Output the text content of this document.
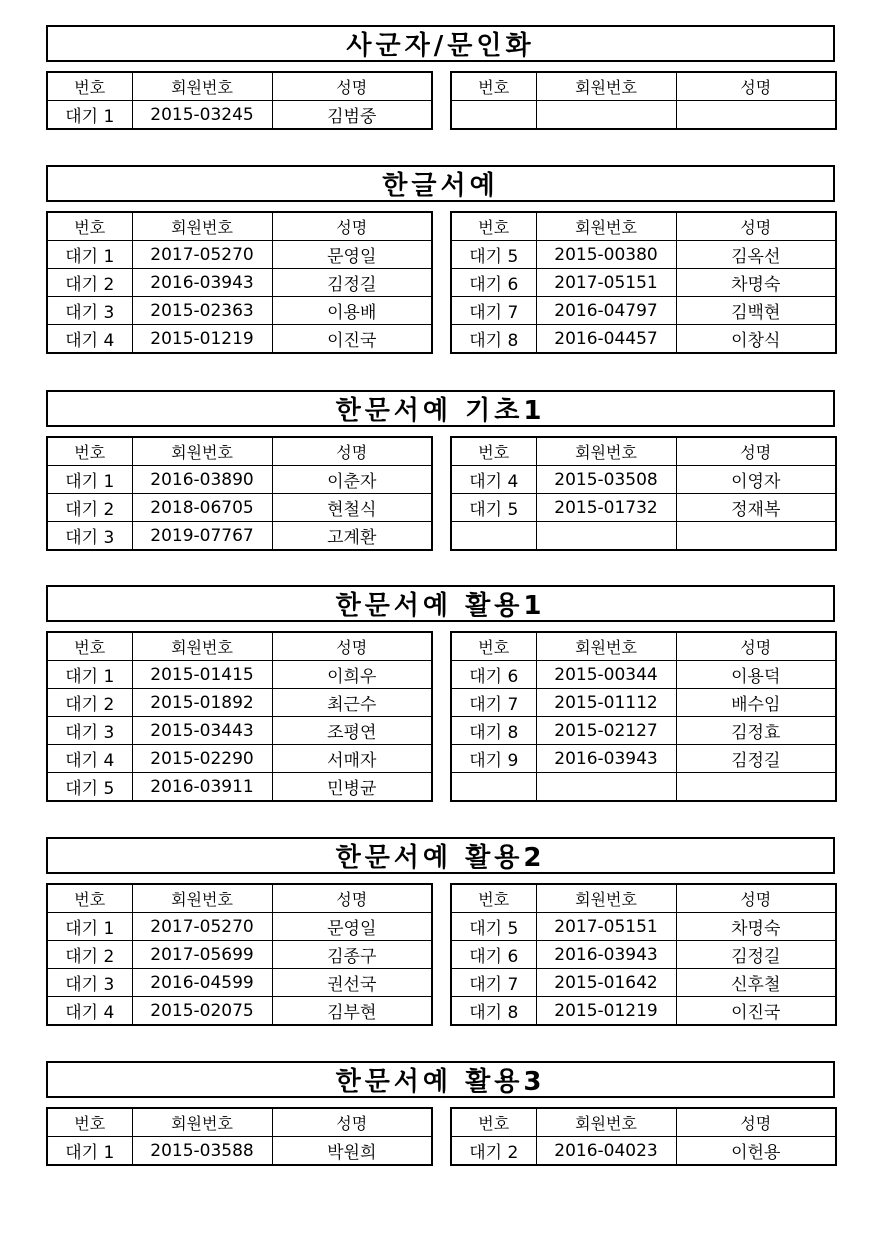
사군자/문인화
번호	회원번호	성명
대기 1	2015-03245	김범중
번호	회원번호	성명

한글서예
번호	회원번호	성명
대기 1	2017-05270	문영일
대기 2	2016-03943	김정길
대기 3	2015-02363	이용배
대기 4	2015-01219	이진국
번호	회원번호	성명
대기 5	2015-00380	김옥선
대기 6	2017-05151	차명숙
대기 7	2016-04797	김백현
대기 8	2016-04457	이창식
한문서예 기초1
번호	회원번호	성명
대기 1	2016-03890	이춘자
대기 2	2018-06705	현철식
대기 3	2019-07767	고계환
번호	회원번호	성명
대기 4	2015-03508	이영자
대기 5	2015-01732	정재복

한문서예 활용1
번호	회원번호	성명
대기 1	2015-01415	이희우
대기 2	2015-01892	최근수
대기 3	2015-03443	조평연
대기 4	2015-02290	서매자
대기 5	2016-03911	민병균
번호	회원번호	성명
대기 6	2015-00344	이용덕
대기 7	2015-01112	배수임
대기 8	2015-02127	김정효
대기 9	2016-03943	김정길

한문서예 활용2
번호	회원번호	성명
대기 1	2017-05270	문영일
대기 2	2017-05699	김종구
대기 3	2016-04599	권선국
대기 4	2015-02075	김부현
번호	회원번호	성명
대기 5	2017-05151	차명숙
대기 6	2016-03943	김정길
대기 7	2015-01642	신후철
대기 8	2015-01219	이진국
한문서예 활용3
번호	회원번호	성명
대기 1	2015-03588	박원희
번호	회원번호	성명
대기 2	2016-04023	이헌용
